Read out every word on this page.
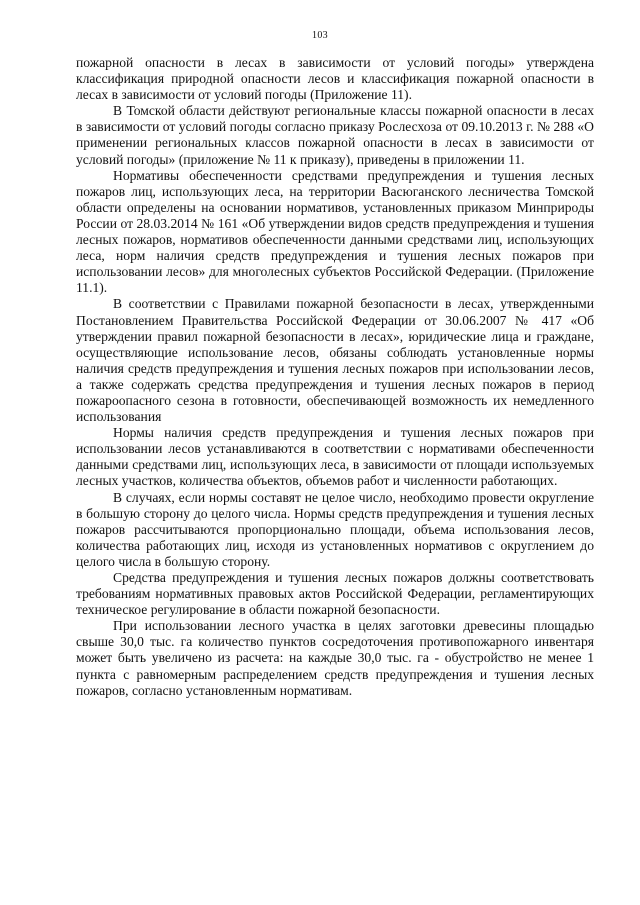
103

пожарной опасности в лесах в зависимости от условий погоды» утверждена классификация природной опасности лесов и классификация пожарной опасности в лесах в зависимости от условий погоды (Приложение 11).

В Томской области действуют региональные классы пожарной опасности в лесах в зависимости от условий погоды согласно приказу Рослесхоза от 09.10.2013 г. № 288 «О применении региональных классов пожарной опасности в лесах в зависимости от условий погоды» (приложение № 11 к приказу), приведены в приложении 11.

Нормативы обеспеченности средствами предупреждения и тушения лесных пожаров лиц, использующих леса, на территории Васюганского лесничества Томской области определены на основании нормативов, установленных приказом Минприроды России от 28.03.2014 № 161 «Об утверждении видов средств предупреждения и тушения лесных пожаров, нормативов обеспеченности данными средствами лиц, использующих леса, норм наличия средств предупреждения и тушения лесных пожаров при использовании лесов» для многолесных субъектов Российской Федерации. (Приложение 11.1).

В соответствии с Правилами пожарной безопасности в лесах, утвержденными Постановлением Правительства Российской Федерации от 30.06.2007 № 417 «Об утверждении правил пожарной безопасности в лесах», юридические лица и граждане, осуществляющие использование лесов, обязаны соблюдать установленные нормы наличия средств предупреждения и тушения лесных пожаров при использовании лесов, а также содержать средства предупреждения и тушения лесных пожаров в период пожароопасного сезона в готовности, обеспечивающей возможность их немедленного использования

Нормы наличия средств предупреждения и тушения лесных пожаров при использовании лесов устанавливаются в соответствии с нормативами обеспеченности данными средствами лиц, использующих леса, в зависимости от площади используемых лесных участков, количества объектов, объемов работ и численности работающих.

В случаях, если нормы составят не целое число, необходимо провести округление в большую сторону до целого числа. Нормы средств предупреждения и тушения лесных пожаров рассчитываются пропорционально площади, объема использования лесов, количества работающих лиц, исходя из установленных нормативов с округлением до целого числа в большую сторону.

Средства предупреждения и тушения лесных пожаров должны соответствовать требованиям нормативных правовых актов Российской Федерации, регламентирующих техническое регулирование в области пожарной безопасности.

При использовании лесного участка в целях заготовки древесины площадью свыше 30,0 тыс. га количество пунктов сосредоточения противопожарного инвентаря может быть увеличено из расчета: на каждые 30,0 тыс. га - обустройство не менее 1 пункта с равномерным распределением средств предупреждения и тушения лесных пожаров, согласно установленным нормативам.
